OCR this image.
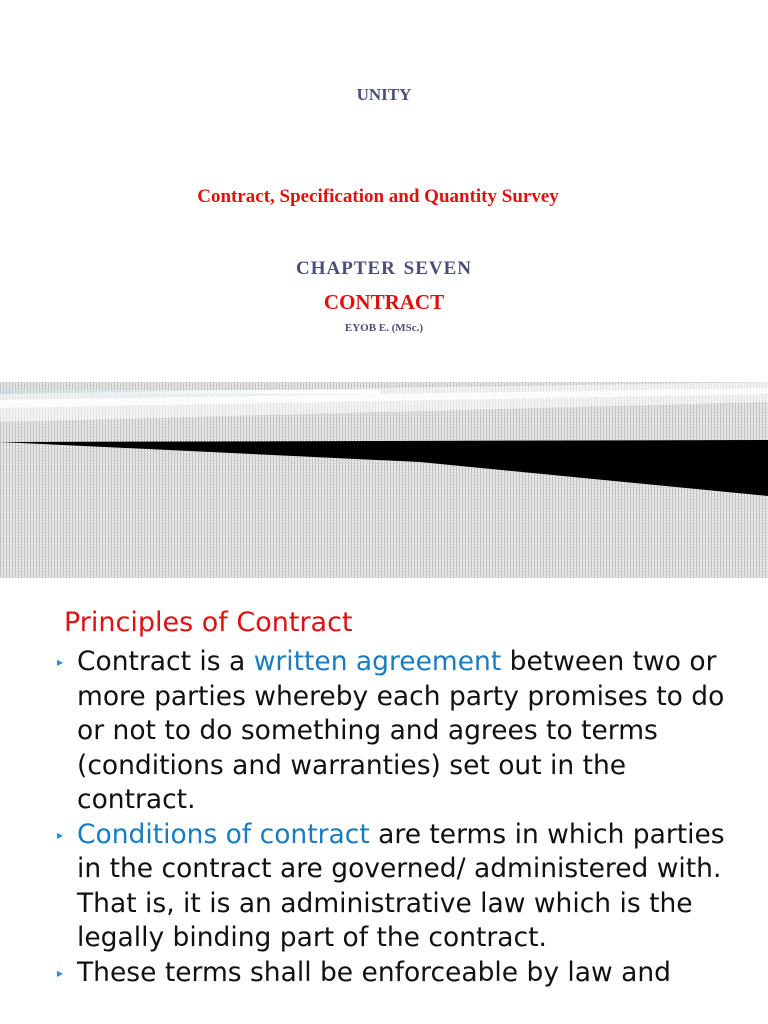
UNITY
Contract, Specification and Quantity Survey
CHAPTER SEVEN
CONTRACT
EYOB E. (MSc.)
Principles of Contract
▸ Contract is a written agreement between two or more parties whereby each party promises to do or not to do something and agrees to terms (conditions and warranties) set out in the contract.
▸ Conditions of contract are terms in which parties in the contract are governed/ administered with. That is, it is an administrative law which is the legally binding part of the contract.
▸ These terms shall be enforceable by law and
